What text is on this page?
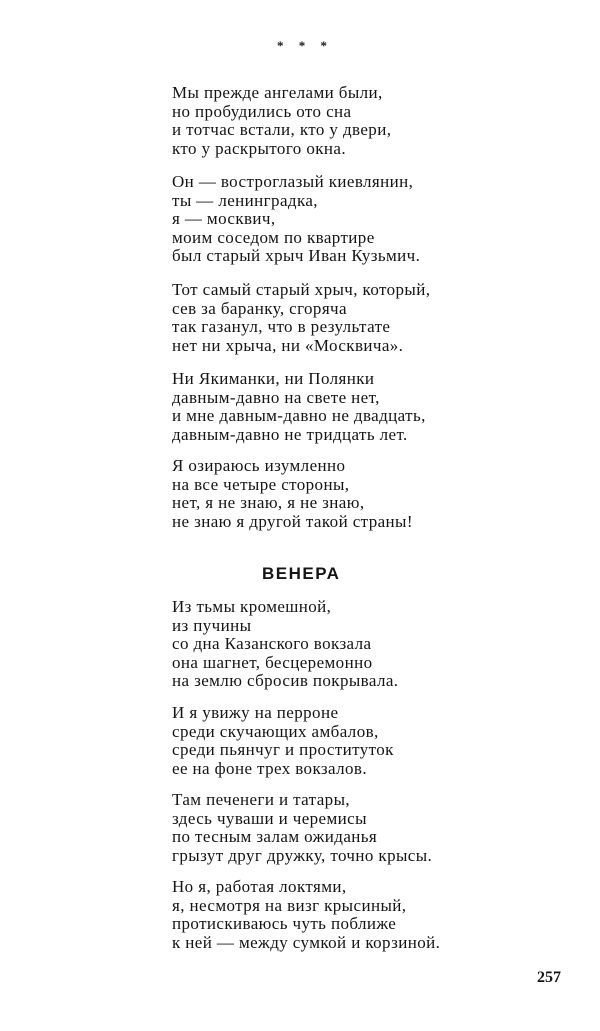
* * *
Мы прежде ангелами были,
но пробудились ото сна
и тотчас встали, кто у двери,
кто у раскрытого окна.
Он — востроглазый киевлянин,
ты — ленинградка,
я — москвич,
моим соседом по квартире
был старый хрыч Иван Кузьмич.
Тот самый старый хрыч, который,
сев за баранку, сгоряча
так газанул, что в результате
нет ни хрыча, ни «Москвича».
Ни Якиманки, ни Полянки
давным-давно на свете нет,
и мне давным-давно не двадцать,
давным-давно не тридцать лет.
Я озираюсь изумленно
на все четыре стороны,
нет, я не знаю, я не знаю,
не знаю я другой такой страны!
ВЕНЕРА
Из тьмы кромешной,
из пучины
со дна Казанского вокзала
она шагнет, бесцеремонно
на землю сбросив покрывала.
И я увижу на перроне
среди скучающих амбалов,
среди пьянчуг и проституток
ее на фоне трех вокзалов.
Там печенеги и татары,
здесь чуваши и черемисы
по тесным залам ожиданья
грызут друг дружку, точно крысы.
Но я, работая локтями,
я, несмотря на визг крысиный,
протискиваюсь чуть поближе
к ней — между сумкой и корзиной.
257
